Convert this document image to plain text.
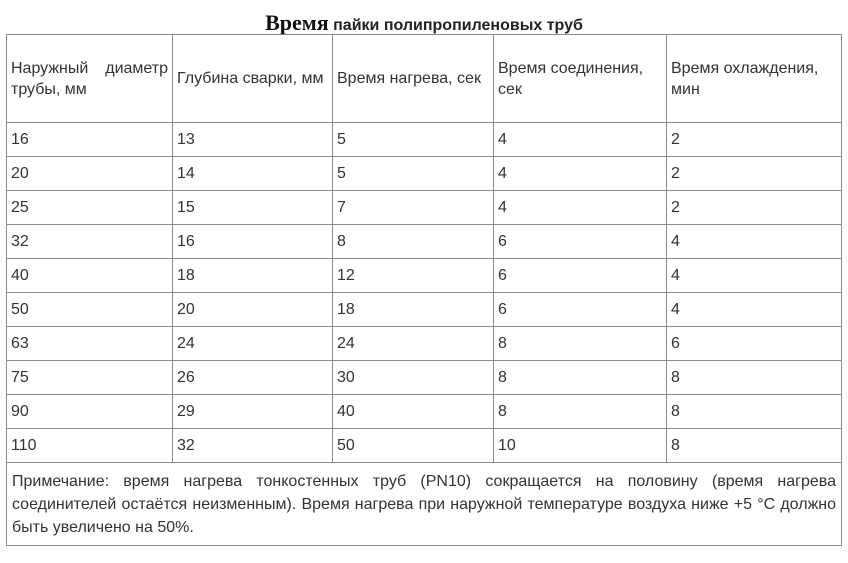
Время пайки полипропиленовых труб
Наружный диаметр трубы, мм	Глубина сварки, мм	Время нагрева, сек	Время соединения, сек	Время охлаждения, мин
16	13	5	4	2
20	14	5	4	2
25	15	7	4	2
32	16	8	6	4
40	18	12	6	4
50	20	18	6	4
63	24	24	8	6
75	26	30	8	8
90	29	40	8	8
110	32	50	10	8
Примечание: время нагрева тонкостенных труб (PN10) сокращается на половину (время нагрева соединителей остаётся неизменным). Время нагрева при наружной температуре воздуха ниже +5 °С должно быть увеличено на 50%.				
